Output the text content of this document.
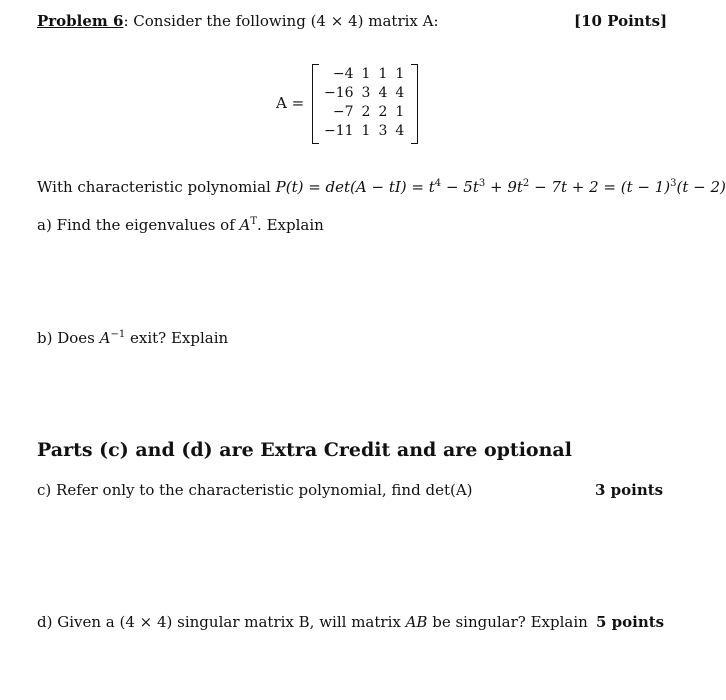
Problem 6: Consider the following (4 × 4) matrix A:	[10 Points]
A =
−4	1	1	1
−16	3	4	4
−7	2	2	1
−11	1	3	4
With characteristic polynomial $P(t) = \det(A - tI) = t^4 - 5t^3 + 9t^2 - 7t + 2 = (t - 1)^3(t - 2)$
a) Find the eigenvalues of $A^T$. Explain
b) Does $A^{-1}$ exit? Explain
Parts (c) and (d) are Extra Credit and are optional
c) Refer only to the characteristic polynomial, find det(A)	3 points
d) Given a (4 × 4) singular matrix B, will matrix AB be singular? Explain 5 points
